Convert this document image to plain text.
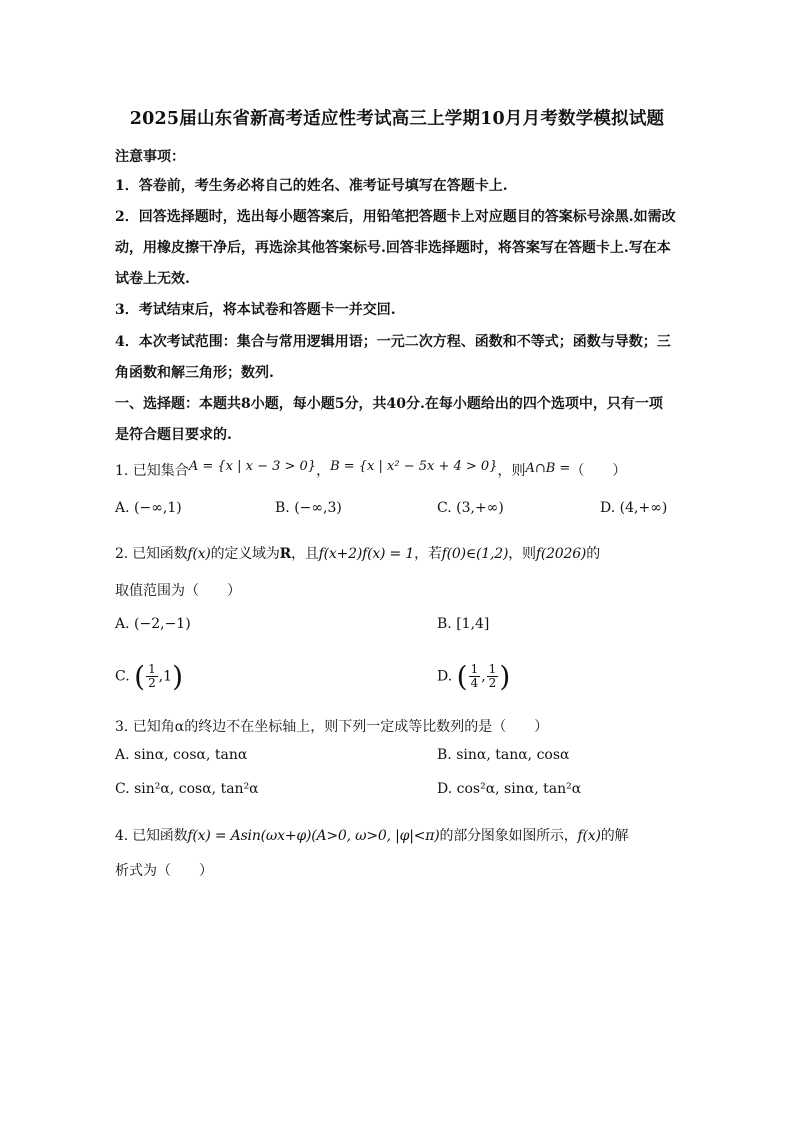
2025届山东省新高考适应性考试高三上学期10月月考数学模拟试题
注意事项：
1．答卷前，考生务必将自己的姓名、准考证号填写在答题卡上.
2．回答选择题时，选出每小题答案后，用铅笔把答题卡上对应题目的答案标号涂黑.如需改
动，用橡皮擦干净后，再选涂其他答案标号.回答非选择题时，将答案写在答题卡上.写在本
试卷上无效.
3．考试结束后，将本试卷和答题卡一并交回.
4．本次考试范围：集合与常用逻辑用语；一元二次方程、函数和不等式；函数与导数；三
角函数和解三角形；数列.
一、选择题：本题共8小题，每小题5分，共40分.在每小题给出的四个选项中，只有一项
是符合题目要求的.
1. 已知集合A = {x | x − 3 > 0}，B = {x | x² − 5x + 4 > 0}，则A∩B =（　　）
A. (−∞,1)	B. (−∞,3)	C. (3,+∞)	D. (4,+∞)
2. 已知函数f(x)的定义域为R，且f(x+2)f(x) = 1，若f(0)∈(1,2)，则f(2026)的
取值范围为（　　）
A. (−2,−1)	B. [1,4]
C. ( $\frac{1}{2} ,1$)	D. ( $\frac{1}{4}$ , $\frac{1}{2}$ )
3. 已知角α的终边不在坐标轴上，则下列一定成等比数列的是（　　）
A. sinα, cosα, tanα	B. sinα, tanα, cosα
C. sin²α, cosα, tan²α	D. cos²α, sinα, tan²α
4. 已知函数f(x) = Asin(ωx+φ)(A>0, ω>0, |φ|<π)的部分图象如图所示，f(x)的解
析式为（　　）
